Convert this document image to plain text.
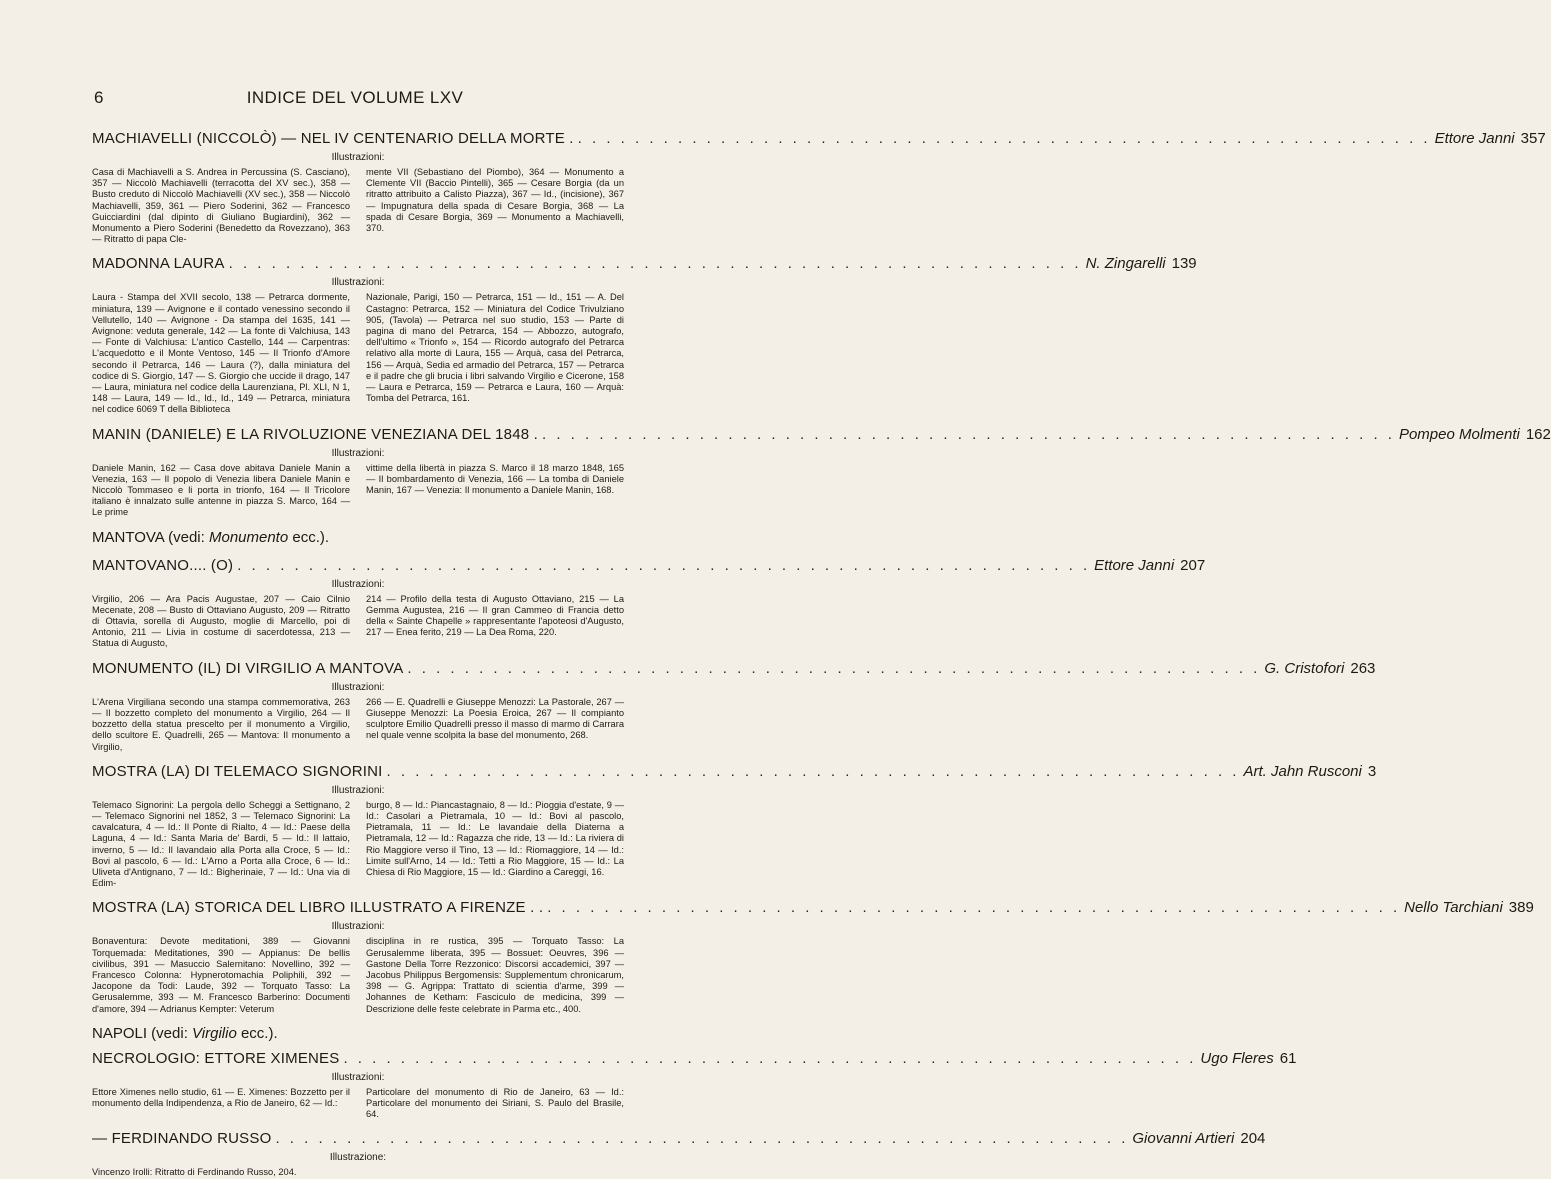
6	INDICE DEL VOLUME LXV
MACHIAVELLI (NICCOLÒ) — NEL IV CENTENARIO DELLA MORTE . . . . . . . . . . . . . . . . . . . . . . . . . . . . . . . . . . . . . . . . . . . . . . . . . . . . . . . . . . . . . Ettore Janni 357
Illustrazioni:
Casa di Machiavelli a S. Andrea in Percussina (S. Casciano), 357 — Niccolò Machiavelli (terracotta del XV sec.), 358 — Busto creduto di Niccolò Machiavelli (XV sec.), 358 — Niccolò Machiavelli, 359, 361 — Piero Soderini, 362 — Francesco Guicciardini (dal dipinto di Giuliano Bugiardini), 362 — Monumento a Piero Soderini (Benedetto da Rovezzano), 363 — Ritratto di papa Cle-
mente VII (Sebastiano del Piombo), 364 — Monumento a Clemente VII (Baccio Pintelli), 365 — Cesare Borgia (da un ritratto attribuito a Calisto Piazza), 367 — Id., (incisione), 367 — Impugnatura della spada di Cesare Borgia, 368 — La spada di Cesare Borgia, 369 — Monumento a Machiavelli, 370.
MADONNA LAURA . . . . . . . . . . . . . . . . . . . . . . . . . . . . . . . . . . . . . . . . . . . . . . . . . . . . . . . . . . . . N. Zingarelli 139
Illustrazioni:
Laura - Stampa del XVII secolo, 138 — Petrarca dormente, miniatura, 139 — Avignone e il contado venessino secondo il Vellutello, 140 — Avignone - Da stampa del 1635, 141 — Avignone: veduta generale, 142 — La fonte di Valchiusa, 143 — Fonte di Valchiusa: L'antico Castello, 144 — Carpentras: L'acquedotto e il Monte Ventoso, 145 — Il Trionfo d'Amore secondo il Petrarca, 146 — Laura (?), dalla miniatura del codice di S. Giorgio, 147 — S. Giorgio che uccide il drago, 147 — Laura, miniatura nel codice della Laurenziana, Pl. XLI, N 1, 148 — Laura, 149 — Id., Id., Id., 149 — Petrarca, miniatura nel codice 6069 T della Biblioteca
Nazionale, Parigi, 150 — Petrarca, 151 — Id., 151 — A. Del Castagno: Petrarca, 152 — Miniatura del Codice Trivulziano 905, (Tavola) — Petrarca nel suo studio, 153 — Parte di pagina di mano del Petrarca, 154 — Abbozzo, autografo, dell'ultimo « Trionfo », 154 — Ricordo autografo del Petrarca relativo alla morte di Laura, 155 — Arquà, casa del Petrarca, 156 — Arquà, Sedia ed armadio del Petrarca, 157 — Petrarca e il padre che gli brucia i libri salvando Virgilio e Cicerone, 158 — Laura e Petrarca, 159 — Petrarca e Laura, 160 — Arquà: Tomba del Petrarca, 161.
MANIN (DANIELE) E LA RIVOLUZIONE VENEZIANA DEL 1848 . . . . . . . . . . . . . . . . . . . . . . . . . . . . . . . . . . . . . . . . . . . . . . . . . . . . . . . . . . . . . Pompeo Molmenti 162
Illustrazioni:
Daniele Manin, 162 — Casa dove abitava Daniele Manin a Venezia, 163 — Il popolo di Venezia libera Daniele Manin e Niccolò Tommaseo e li porta in trionfo, 164 — Il Tricolore italiano è innalzato sulle antenne in piazza S. Marco, 164 — Le prime
vittime della libertà in piazza S. Marco il 18 marzo 1848, 165 — Il bombardamento di Venezia, 166 — La tomba di Daniele Manin, 167 — Venezia: Il monumento a Daniele Manin, 168.
MANTOVA (vedi: Monumento ecc.).
MANTOVANO.... (O) . . . . . . . . . . . . . . . . . . . . . . . . . . . . . . . . . . . . . . . . . . . . . . . . . . . . . . . . . . . . Ettore Janni 207
Illustrazioni:
Virgilio, 206 — Ara Pacis Augustae, 207 — Caio Cilnio Mecenate, 208 — Busto di Ottaviano Augusto, 209 — Ritratto di Ottavia, sorella di Augusto, moglie di Marcello, poi di Antonio, 211 — Livia in costume di sacerdotessa, 213 — Statua di Augusto,
214 — Profilo della testa di Augusto Ottaviano, 215 — La Gemma Augustea, 216 — Il gran Cammeo di Francia detto della « Sainte Chapelle » rappresentante l'apoteosi d'Augusto, 217 — Enea ferito, 219 — La Dea Roma, 220.
MONUMENTO (IL) DI VIRGILIO A MANTOVA . . . . . . . . . . . . . . . . . . . . . . . . . . . . . . . . . . . . . . . . . . . . . . . . . . . . . . . . . . . . G. Cristofori 263
Illustrazioni:
L'Arena Virgiliana secondo una stampa commemorativa, 263 — Il bozzetto completo del monumento a Virgilio, 264 — Il bozzetto della statua prescelto per il monumento a Virgilio, dello scultore E. Quadrelli, 265 — Mantova: Il monumento a Virgilio,
266 — E. Quadrelli e Giuseppe Menozzi: La Pastorale, 267 — Giuseppe Menozzi: La Poesia Eroica, 267 — Il compianto sculptore Emilio Quadrelli presso il masso di marmo di Carrara nel quale venne scolpita la base del monumento, 268.
MOSTRA (LA) DI TELEMACO SIGNORINI . . . . . . . . . . . . . . . . . . . . . . . . . . . . . . . . . . . . . . . . . . . . . . . . . . . . . . . . . . . . Art. Jahn Rusconi 3
Illustrazioni:
Telemaco Signorini: La pergola dello Scheggi a Settignano, 2 — Telemaco Signorini nel 1852, 3 — Telemaco Signorini: La cavalcatura, 4 — Id.: Il Ponte di Rialto, 4 — Id.: Paese della Laguna, 4 — Id.: Santa Maria de' Bardi, 5 — Id.: Il lattaio, inverno, 5 — Id.: Il lavandaio alla Porta alla Croce, 5 — Id.: Bovi al pascolo, 6 — Id.: L'Arno a Porta alla Croce, 6 — Id.: Uliveta d'Antignano, 7 — Id.: Bigherinaie, 7 — Id.: Una via di Edim-
burgo, 8 — Id.: Piancastagnaio, 8 — Id.: Pioggia d'estate, 9 — Id.: Casolari a Pietramala, 10 — Id.: Bovi al pascolo, Pietramala, 11 — Id.: Le lavandaie della Diaterna a Pietramala, 12 — Id.: Ragazza che ride, 13 — Id.: La riviera di Rio Maggiore verso il Tino, 13 — Id.: Riomaggiore, 14 — Id.: Limite sull'Arno, 14 — Id.: Tetti a Rio Maggiore, 15 — Id.: La Chiesa di Rio Maggiore, 15 — Id.: Giardino a Careggi, 16.
MOSTRA (LA) STORICA DEL LIBRO ILLUSTRATO A FIRENZE . . . . . . . . . . . . . . . . . . . . . . . . . . . . . . . . . . . . . . . . . . . . . . . . . . . . . . . . . . . . . . Nello Tarchiani 389
Illustrazioni:
Bonaventura: Devote meditationi, 389 — Giovanni Torquemada: Meditationes, 390 — Appianus: De bellis civilibus, 391 — Masuccio Salernitano: Novellino, 392 — Francesco Colonna: Hypnerotomachia Poliphili, 392 — Jacopone da Todi: Laude, 392 — Torquato Tasso: La Gerusalemme, 393 — M. Francesco Barberino: Documenti d'amore, 394 — Adrianus Kempter: Veterum
disciplina in re rustica, 395 — Torquato Tasso: La Gerusalemme liberata, 395 — Bossuet: Oeuvres, 396 — Gastone Della Torre Rezzonico: Discorsi accademici, 397 — Jacobus Philippus Bergomensis: Supplementum chronicarum, 398 — G. Agrippa: Trattato di scientia d'arme, 399 — Johannes de Ketham: Fasciculo de medicina, 399 — Descrizione delle feste celebrate in Parma etc., 400.
NAPOLI (vedi: Virgilio ecc.).
NECROLOGIO: ETTORE XIMENES . . . . . . . . . . . . . . . . . . . . . . . . . . . . . . . . . . . . . . . . . . . . . . . . . . . . . . . . . . . . Ugo Fleres 61
Illustrazioni:
Ettore Ximenes nello studio, 61 — E. Ximenes: Bozzetto per il monumento della Indipendenza, a Rio de Janeiro, 62 — Id.:
Particolare del monumento di Rio de Janeiro, 63 — Id.: Particolare del monumento dei Siriani, S. Paulo del Brasile, 64.
— FERDINANDO RUSSO . . . . . . . . . . . . . . . . . . . . . . . . . . . . . . . . . . . . . . . . . . . . . . . . . . . . . . . . . . . . Giovanni Artieri 204
Illustrazione:
Vincenzo Irolli: Ritratto di Ferdinando Russo, 204.
